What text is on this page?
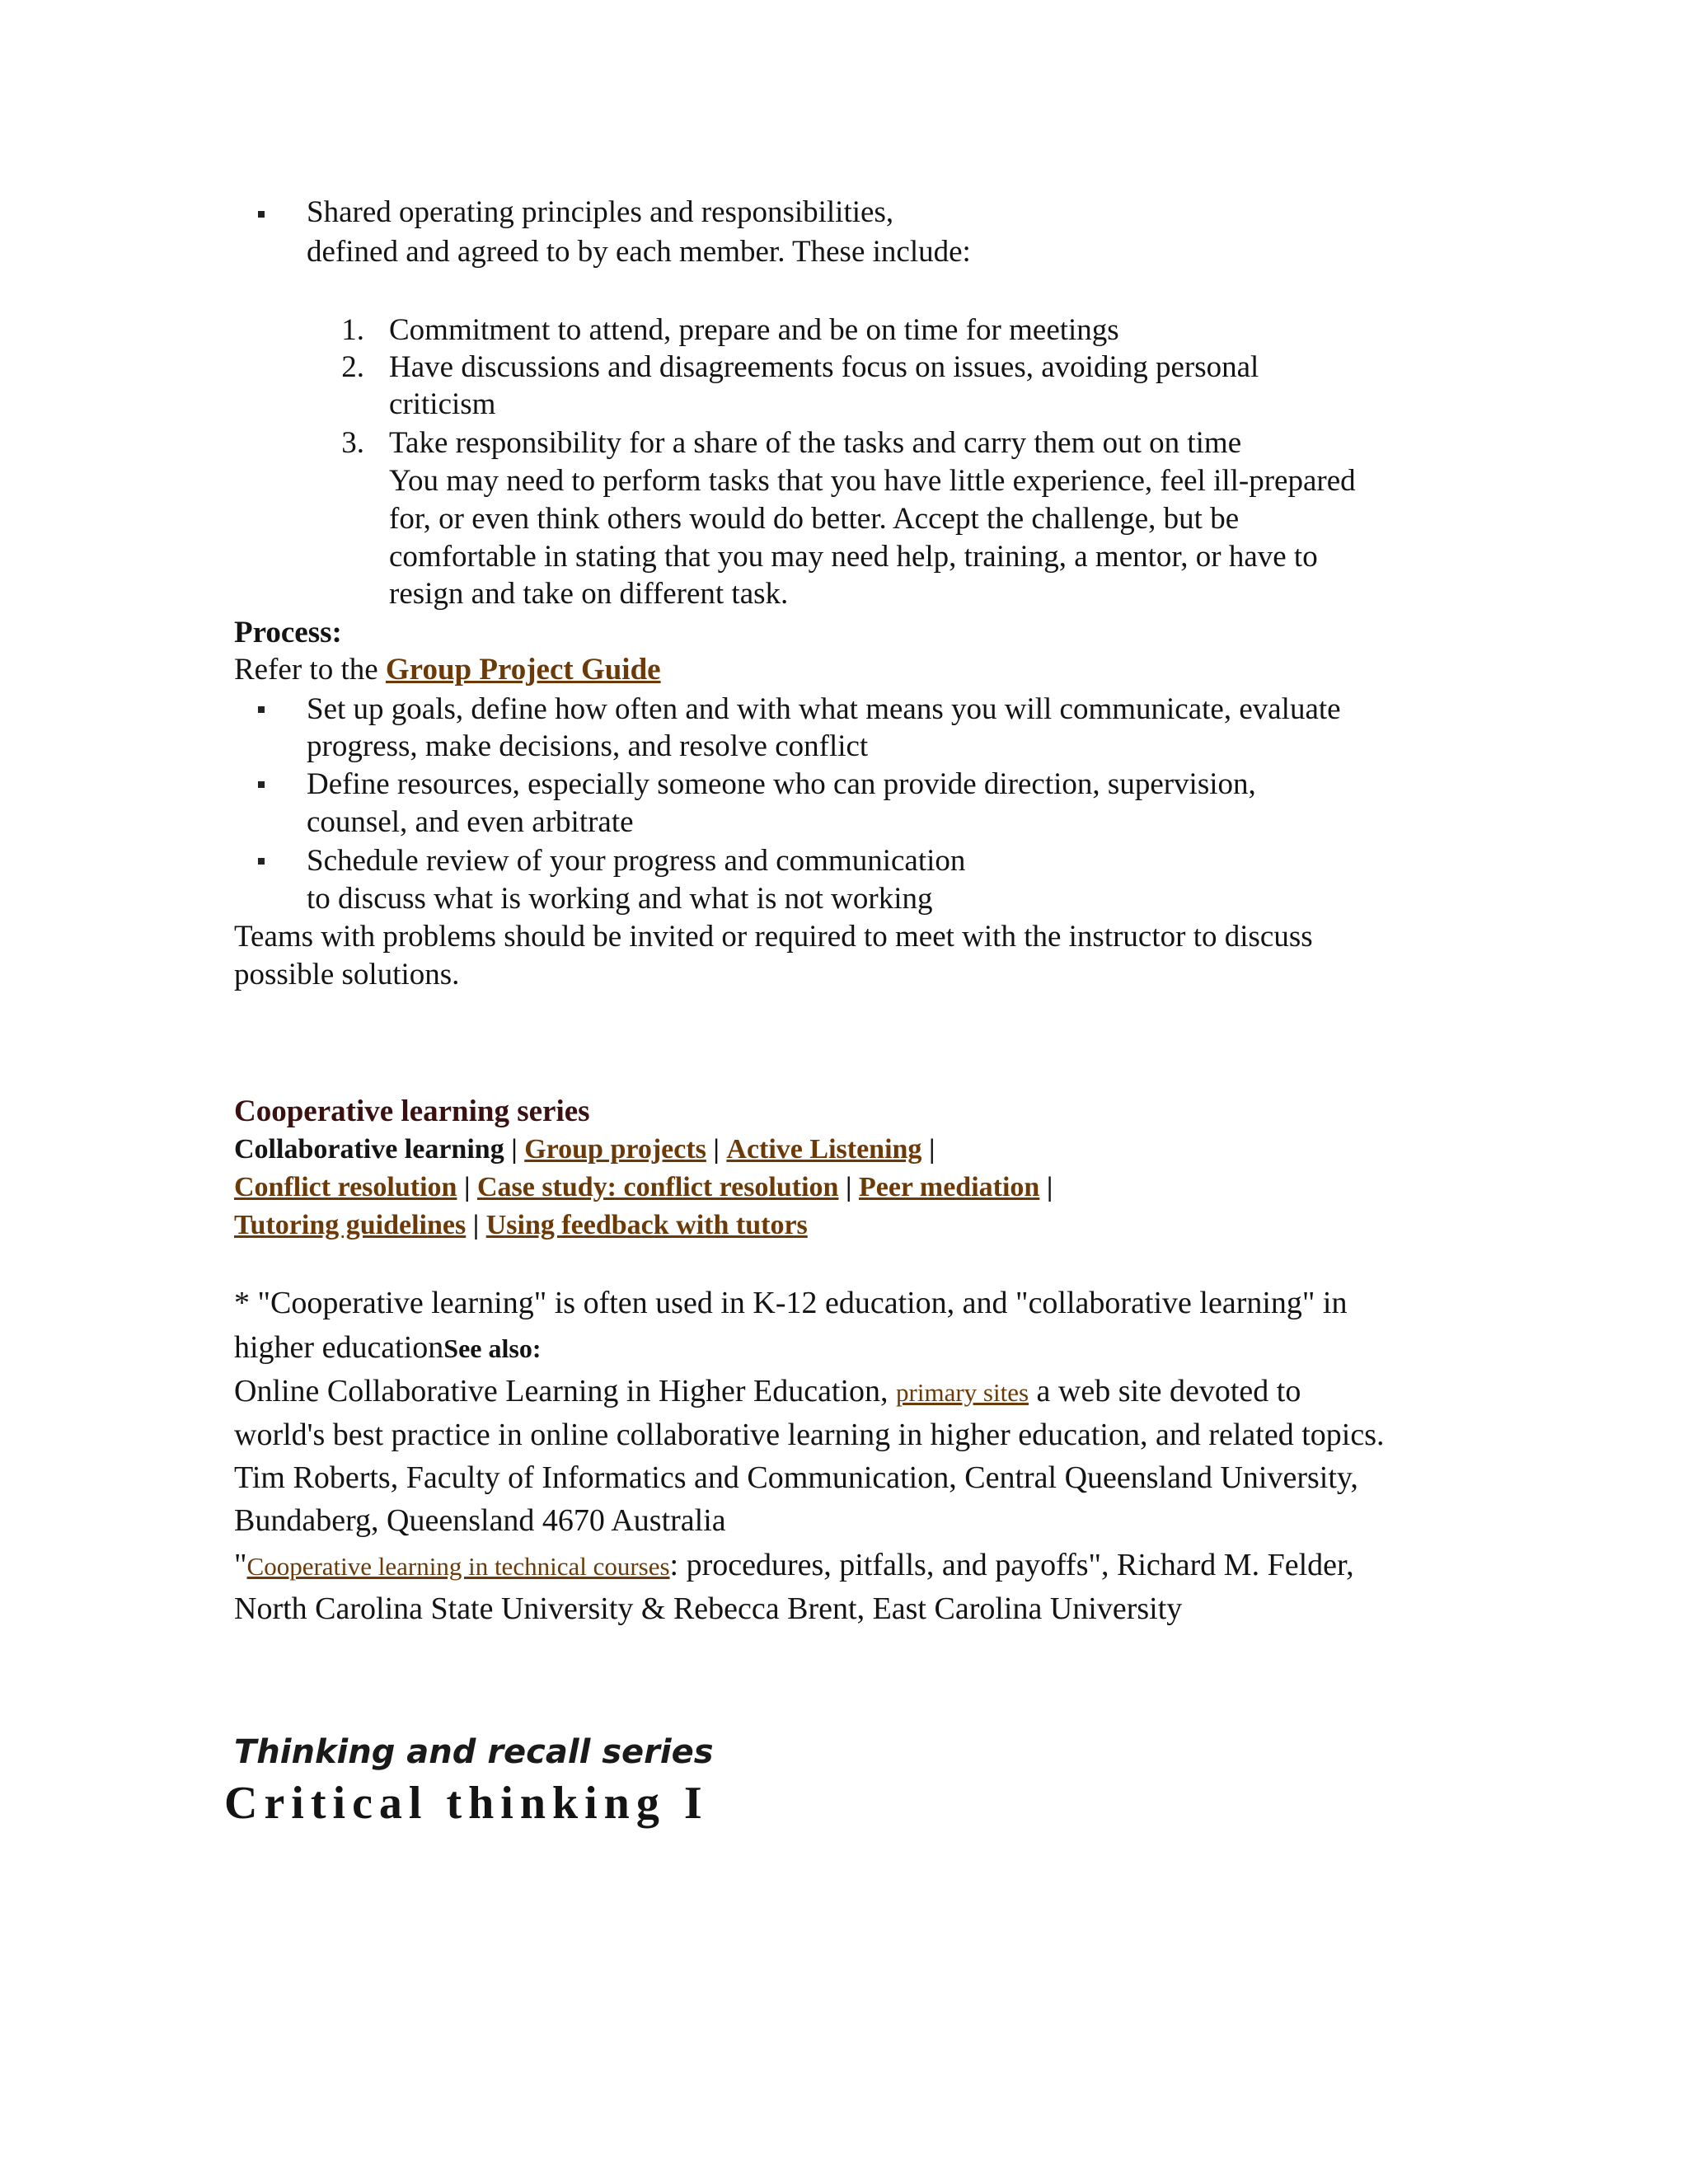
Shared operating principles and responsibilities,
defined and agreed to by each member. These include:
1. Commitment to attend, prepare and be on time for meetings
2. Have discussions and disagreements focus on issues, avoiding personal
criticism
3. Take responsibility for a share of the tasks and carry them out on time
You may need to perform tasks that you have little experience, feel ill-prepared
for, or even think others would do better. Accept the challenge, but be
comfortable in stating that you may need help, training, a mentor, or have to
resign and take on different task.
Process:
Refer to the Group Project Guide
Set up goals, define how often and with what means you will communicate, evaluate
progress, make decisions, and resolve conflict
Define resources, especially someone who can provide direction, supervision,
counsel, and even arbitrate
Schedule review of your progress and communication
to discuss what is working and what is not working
Teams with problems should be invited or required to meet with the instructor to discuss
possible solutions.
Cooperative learning series
Collaborative learning | Group projects | Active Listening |
Conflict resolution | Case study: conflict resolution | Peer mediation |
Tutoring guidelines | Using feedback with tutors
* "Cooperative learning" is often used in K-12 education, and "collaborative learning" in
higher educationSee also:
Online Collaborative Learning in Higher Education, primary sites a web site devoted to
world's best practice in online collaborative learning in higher education, and related topics.
Tim Roberts, Faculty of Informatics and Communication, Central Queensland University,
Bundaberg, Queensland 4670 Australia
"Cooperative learning in technical courses: procedures, pitfalls, and payoffs", Richard M. Felder,
North Carolina State University & Rebecca Brent, East Carolina University
Thinking and recall series
Critical thinking I
